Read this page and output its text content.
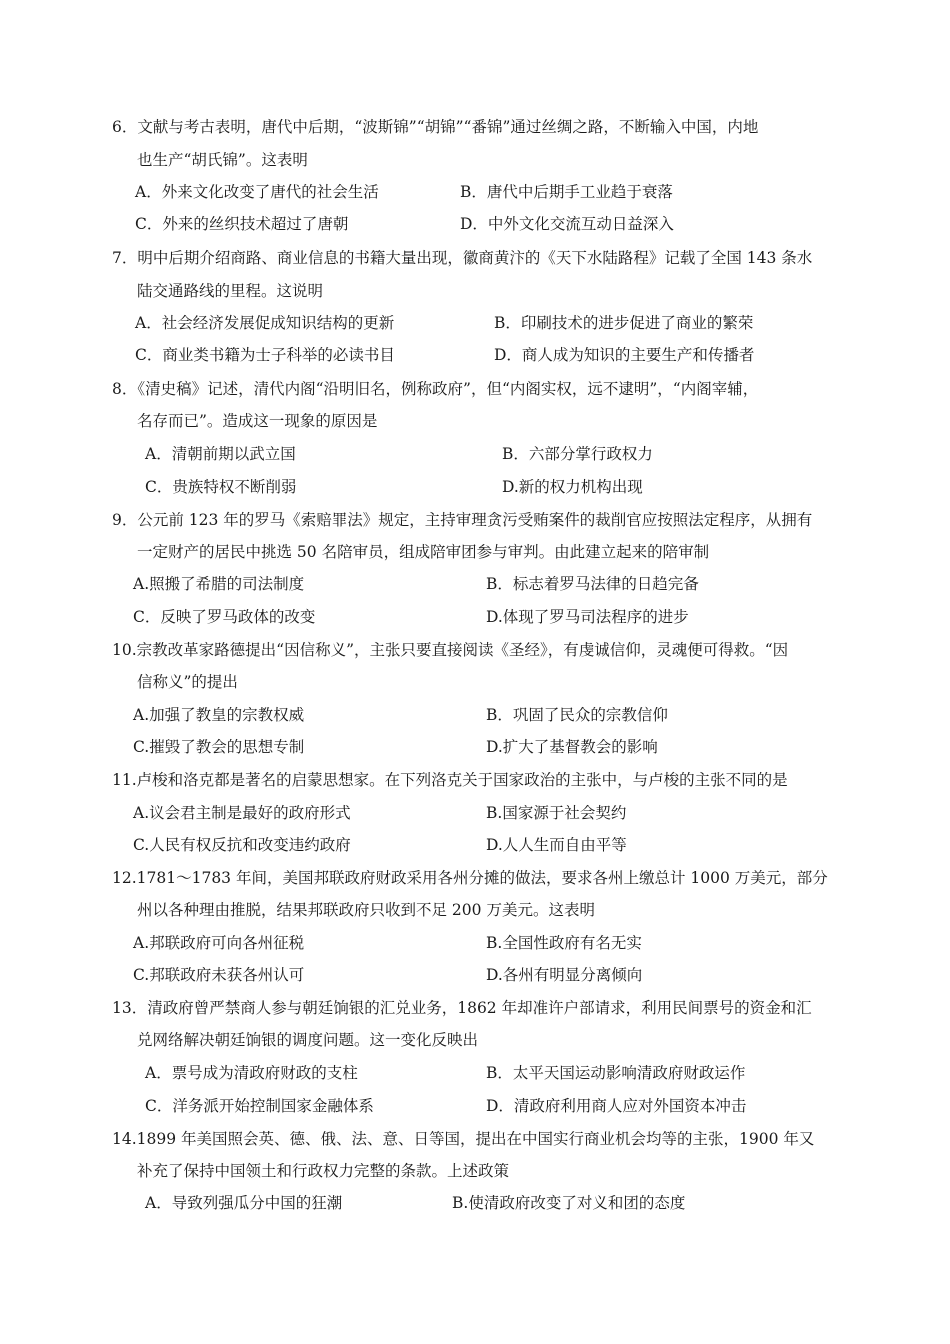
6．文献与考古表明，唐代中后期，“波斯锦”“胡锦”“番锦”通过丝绸之路，不断输入中国，内地
也生产“胡氏锦”。这表明
A．外来文化改变了唐代的社会生活	B．唐代中后期手工业趋于衰落
C．外来的丝织技术超过了唐朝	D．中外文化交流互动日益深入
7．明中后期介绍商路、商业信息的书籍大量出现，徽商黄汴的《天下水陆路程》记载了全国 143 条水
陆交通路线的里程。这说明
A．社会经济发展促成知识结构的更新	B．印刷技术的进步促进了商业的繁荣
C．商业类书籍为士子科举的必读书目	D．商人成为知识的主要生产和传播者
8．《清史稿》记述，清代内阁“沿明旧名，例称政府”，但“内阁实权，远不逮明”，“内阁宰辅，
名存而已”。造成这一现象的原因是
A．清朝前期以武立国	B．六部分掌行政权力
C．贵族特权不断削弱	D.新的权力机构出现
9．公元前 123 年的罗马《索赔罪法》规定，主持审理贪污受贿案件的裁削官应按照法定程序，从拥有
一定财产的居民中挑选 50 名陪审员，组成陪审团参与审判。由此建立起来的陪审制
A.照搬了希腊的司法制度	B．标志着罗马法律的日趋完备
C．反映了罗马政体的改变	D.体现了罗马司法程序的进步
10.宗教改革家路德提出“因信称义”，主张只要直接阅读《圣经》，有虔诚信仰，灵魂便可得救。“因
信称义”的提出
A.加强了教皇的宗教权威	B．巩固了民众的宗教信仰
C.摧毁了教会的思想专制	D.扩大了基督教会的影响
11.卢梭和洛克都是著名的启蒙思想家。在下列洛克关于国家政治的主张中，与卢梭的主张不同的是
A.议会君主制是最好的政府形式	B.国家源于社会契约
C.人民有权反抗和改变违约政府	D.人人生而自由平等
12.1781～1783 年间，美国邦联政府财政采用各州分摊的做法，要求各州上缴总计 1000 万美元，部分
州以各种理由推脱，结果邦联政府只收到不足 200 万美元。这表明
A.邦联政府可向各州征税	B.全国性政府有名无实
C.邦联政府未获各州认可	D.各州有明显分离倾向
13．清政府曾严禁商人参与朝廷饷银的汇兑业务，1862 年却准许户部请求，利用民间票号的资金和汇
兑网络解决朝廷饷银的调度问题。这一变化反映出
A．票号成为清政府财政的支柱	B．太平天国运动影响清政府财政运作
C．洋务派开始控制国家金融体系	D．清政府利用商人应对外国资本冲击
14.1899 年美国照会英、德、俄、法、意、日等国，提出在中国实行商业机会均等的主张，1900 年又
补充了保持中国领土和行政权力完整的条款。上述政策
A．导致列强瓜分中国的狂潮	B.使清政府改变了对义和团的态度
